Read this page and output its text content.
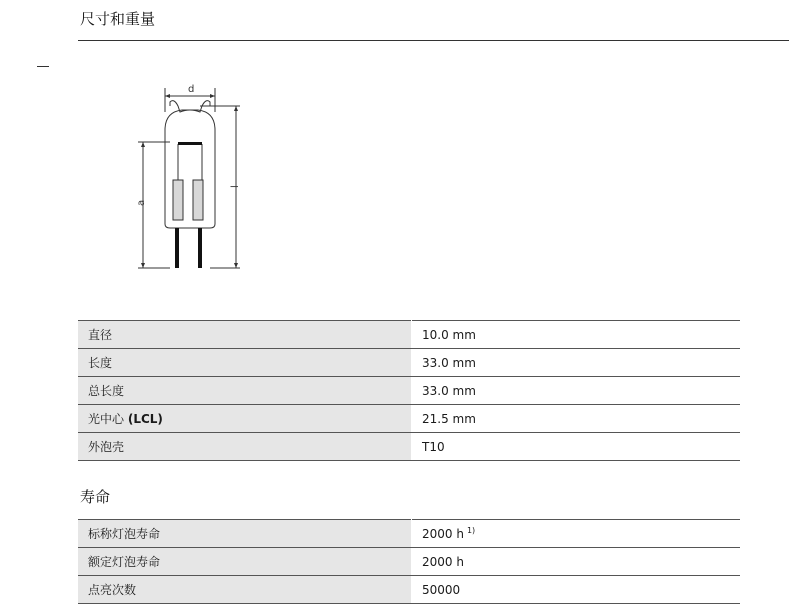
尺寸和重量
d
a
l
直径	10.0 mm
长度	33.0 mm
总长度	33.0 mm
光中心 (LCL)	21.5 mm
外泡壳	T10
寿命
标称灯泡寿命	2000 h $^{1)}$
额定灯泡寿命	2000 h
点亮次数	50000
